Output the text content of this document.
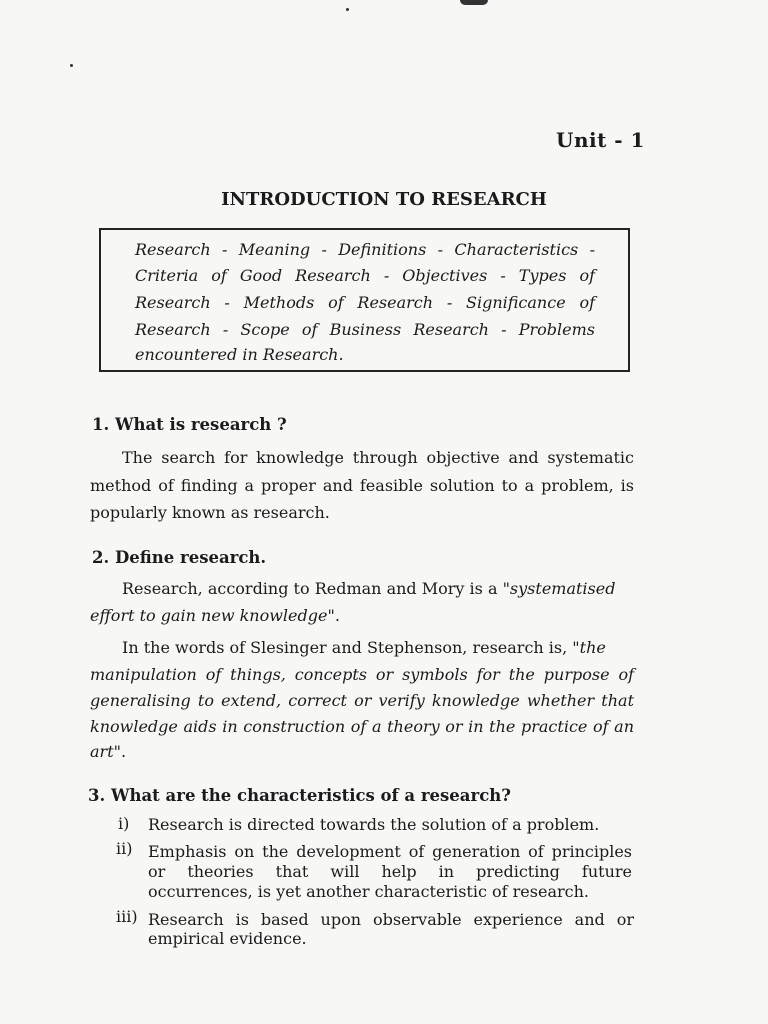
Unit - 1
INTRODUCTION TO RESEARCH
Research - Meaning - Definitions - Characteristics -
Criteria of Good Research - Objectives - Types of
Research - Methods of Research - Significance of
Research - Scope of Business Research - Problems
encountered in Research.
1. What is research ?
The search for knowledge through objective and systematic
method of finding a proper and feasible solution to a problem, is
popularly known as research.
2. Define research.
Research, according to Redman and Mory is a "systematised
effort to gain new knowledge".
In the words of Slesinger and Stephenson, research is, "the
manipulation of things, concepts or symbols for the purpose of
generalising to extend, correct or verify knowledge whether that
knowledge aids in construction of a theory or in the practice of an
art".
3. What are the characteristics of a research?
i) Research is directed towards the solution of a problem.
ii) Emphasis on the development of generation of principles
or theories that will help in predicting future
occurrences, is yet another characteristic of research.
iii) Research is based upon observable experience and or
empirical evidence.
